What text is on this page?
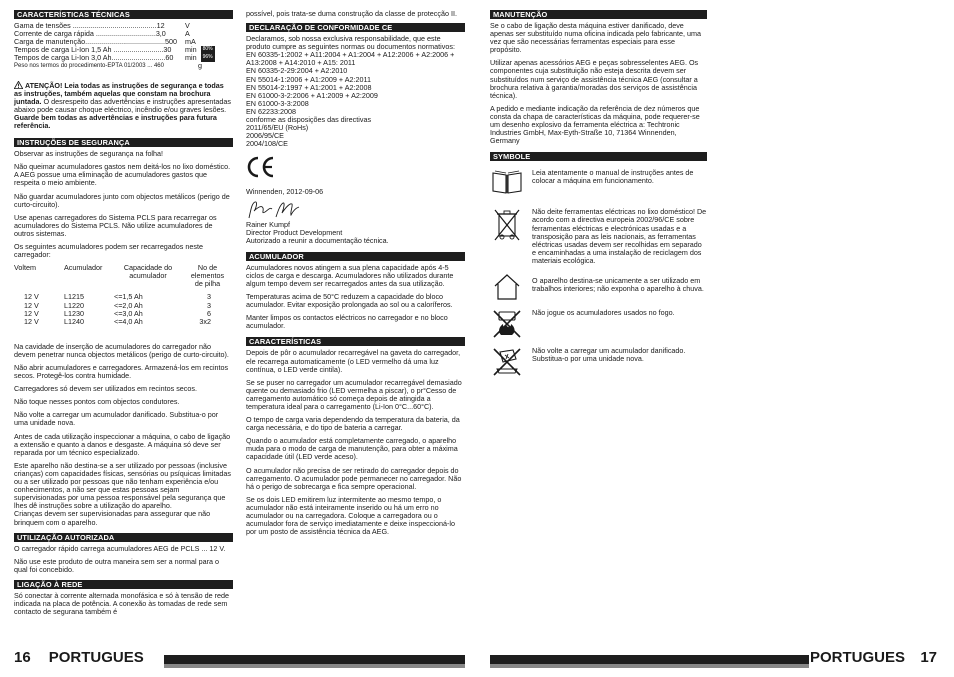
CARACTERÍSTICAS TÉCNICAS
Gama de tensões ..........................................12	V
Corrente de carga rápida ..............................3,0	A
Carga de manutenção........................................500	mA
Tempos de carga Li-Ion 1,5 Ah .........................30	min	80%
Tempos de carga Li-Ion 3,0 Ah...........................60	min	96%
Peso nos termos do procedimento-EPTA 01/2003 ... 460	g

ATENÇÃO! Leia todas as instruções de segurança e todas as instruções, também aquelas que constam na brochura juntada. O desrespeito das advertências e instruções apresentadas abaixo pode causar choque eléctrico, incêndio e/ou graves lesões.
Guarde bem todas as advertências e instruções para futura referência.

INSTRUÇÕES DE SEGURANÇA

Observar as instruções de segurança na folha!

Não queimar acumuladores gastos nem deitá-los no lixo doméstico. A AEG possue uma eliminação de acumuladores gastos que respeita o meio ambiente.

Não guardar acumuladores junto com objectos metálicos (perigo de curto-circuito).

Use apenas carregadores do Sistema PCLS para recarregar os acumuladores do Sistema PCLS. Não utilize acumuladores de outros sistemas.

Os seguintes acumuladores podem ser recarregados neste carregador:

Voltem	Acumulador	Capacidade do acumulador	No de elementos de pilha
12 V	L1215	<=1,5 Ah	3
12 V	L1220	<=2,0 Ah	3
12 V	L1230	<=3,0 Ah	6
12 V	L1240	<=4,0 Ah	3x2

Na cavidade de inserção de acumuladores do carregador não devem penetrar nunca objectos metálicos (perigo de curto-circuito).

Não abrir acumuladores e carregadores. Armazená-los em recintos secos. Protegê-los contra humidade.

Carregadores só devem ser utilizados em recintos secos.

Não toque nesses pontos com objectos condutores.

Não volte a carregar um acumulador danificado. Substitua-o por uma unidade nova.

Antes de cada utilização inspeccionar a máquina, o cabo de ligação a extensão e quanto a danos e desgaste. A máquina só deve ser reparada por um técnico especializado.

Este aparelho não destina-se a ser utilizado por pessoas (inclusive crianças) com capacidades físicas, sensórias ou psíquicas limitadas ou a ser utilizado por pessoas que não tenham experiência e/ou conhecimentos, a não ser que estas pessoas sejam supervisionadas por uma pessoa responsável pela segurança que lhes dê instruções sobre a utilização do aparelho.

Crianças devem ser supervisionadas para assegurar que não brinquem com o aparelho.

UTILIZAÇÃO AUTORIZADA

O carregador rápido carrega acumuladores AEG de PCLS ... 12 V.

Não use este produto de outra maneira sem ser a normal para o qual foi concebido.

LIGAÇÃO À REDE

Só conectar à corrente alternada monofásica e só à tensão de rede indicada na placa de potência. A conexão às tomadas de rede sem contacto de segurana também é

possível, pois trata-se duma construção da classe de protecção II.

DECLARAÇÃO DE CONFORMIDADE CE

Declaramos, sob nossa exclusiva responsabilidade, que este produto cumpre as seguintes normas ou documentos normativos:

EN 60335-1:2002 + A11:2004 + A1:2004 + A12:2006 + A2:2006 + A13:2008 + A14:2010 + A15: 2011
EN 60335-2-29:2004 + A2:2010
EN 55014-1:2006 + A1:2009 + A2:2011
EN 55014-2:1997 + A1:2001 + A2:2008
EN 61000-3-2:2006 + A1:2009 + A2:2009
EN 61000-3-3:2008
EN 62233:2008
conforme as disposições das directivas
2011/65/EU (RoHs)
2006/95/CE
2004/108/CE

Winnenden, 2012-09-06

Rainer Kumpf
Director Product Development

Autorizado a reunir a documentação técnica.

ACUMULADOR

Acumuladores novos atingem a sua plena capacidade após 4-5 ciclos de carga e descarga. Acumuladores não utilizados durante algum tempo devem ser recarregados antes da sua utilização.

Temperaturas acima de 50°C reduzem a capacidade do bloco acumulador. Evitar exposição prolongada ao sol ou a caloríferos.

Manter limpos os contactos eléctricos no carregador e no bloco acumulador.

CARACTERÍSTICAS

Depois de pôr o acumulador recarregável na gaveta do carregador, ele recarrega automaticamente (o LED vermelho dá uma luz contínua, o LED verde cintila).

Se se puser no carregador um acumulador recarregável demasiado quente ou demasiado frio (LED vermelha a piscar), o pr°Cesso de carregamento automático só começa depois de atingida a temperatura ideal para o carregamento (Li-Ion 0°C...60°C).

O tempo de carga varia dependendo da temperatura da bateria, da carga necessária, e do tipo de bateria a carregar.

Quando o acumulador está completamente carregado, o aparelho muda para o modo de carga de manutenção, para obter a máxima capacidade útil (LED verde aceso).

O acumulador não precisa de ser retirado do carregador depois do carregamento. O acumulador pode permanecer no carregador. Não há o perigo de sobrecarga e fica sempre operacional.

Se os dois LED emitirem luz intermitente ao mesmo tempo, o acumulador não está inteiramente inserido ou há um erro no acumulador ou na carregadora. Coloque a carregadora ou o acumulador fora de serviço imediatamente e deixe inspeccioná-lo por um posto de assistência técnica da AEG.

16 PORTUGUES
MANUTENÇÃO

Se o cabo de ligação desta máquina estiver danificado, deve apenas ser substituído numa oficina indicada pelo fabricante, uma vez que são necessárias ferramentas especiais para esse propósito.

Utilizar apenas acessórios AEG e peças sobresselentes AEG. Os componentes cuja substituição não esteja descrita devem ser substituídos num serviço de assistência técnica AEG (consultar a brochura relativa à garantia/moradas dos serviços de assistência técnica).

A pedido e mediante indicação da referência de dez números que consta da chapa de características da máquina, pode requerer-se um desenho explosivo da ferramenta eléctrica a: Techtronic Industries GmbH, Max-Eyth-Straße 10, 71364 Winnenden, Germany

SYMBOLE
Leia atentamente o manual de instruções antes de colocar a máquina em funcionamento.
Não deite ferramentas eléctricas no lixo doméstico! De acordo com a directiva europeia 2002/96/CE sobre ferramentas eléctricas e electrónicas usadas e a transposição para as leis nacionais, as ferramentas eléctricas usadas devem ser recolhidas em separado e encaminhadas a uma instalação de reciclagem dos materiais ecológica.
O aparelho destina-se unicamente a ser utilizado em trabalhos interiores; não exponha o aparelho à chuva.
Não jogue os acumuladores usados no fogo.
Não volte a carregar um acumulador danificado. Substitua-o por uma unidade nova.
PORTUGUES 17
